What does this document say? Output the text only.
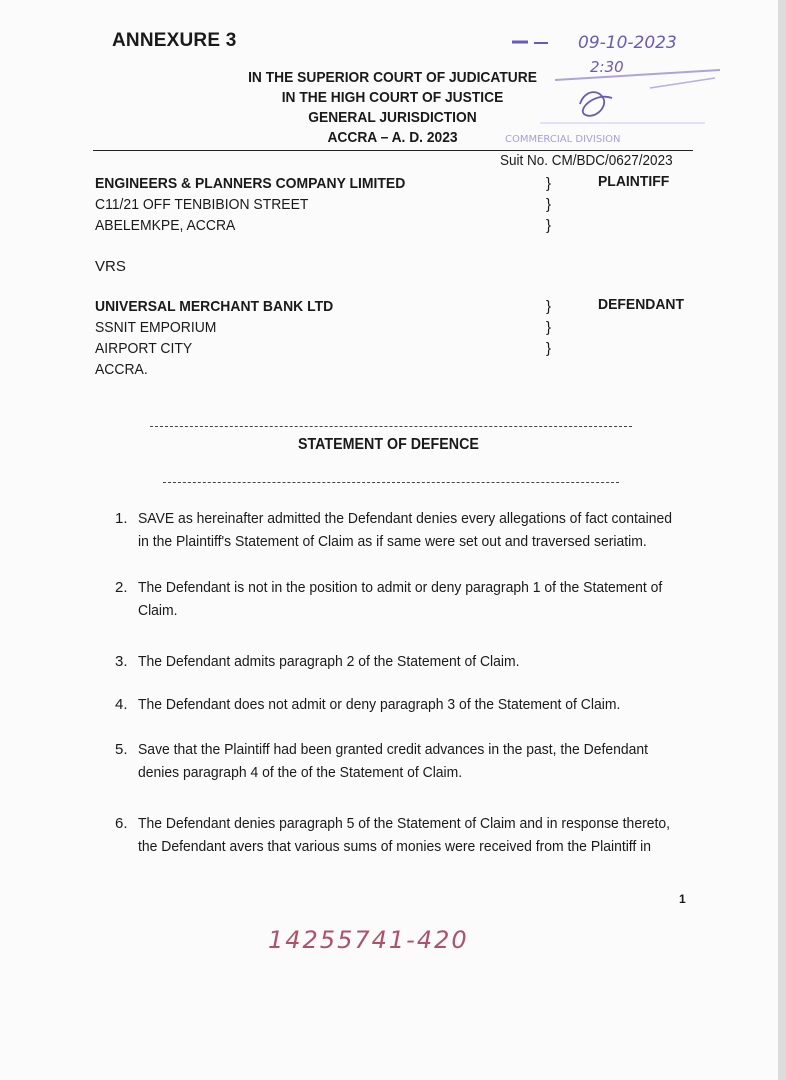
ANNEXURE 3
IN THE SUPERIOR COURT OF JUDICATURE
IN THE HIGH COURT OF JUSTICE
GENERAL JURISDICTION
ACCRA – A. D. 2023
09-10-2023
2:30
COMMERCIAL DIVISION
Suit No. CM/BDC/0627/2023
ENGINEERS & PLANNERS COMPANY LIMITED
C11/21 OFF TENBIBION STREET
ABELEMKPE, ACCRA
}
}
}
PLAINTIFF
VRS
UNIVERSAL MERCHANT BANK LTD
SSNIT EMPORIUM
AIRPORT CITY
ACCRA.
}
}
}
DEFENDANT
STATEMENT OF DEFENCE
1. SAVE as hereinafter admitted the Defendant denies every allegations of fact contained
in the Plaintiff's Statement of Claim as if same were set out and traversed seriatim.
2. The Defendant is not in the position to admit or deny paragraph 1 of the Statement of
Claim.
3. The Defendant admits paragraph 2 of the Statement of Claim.
4. The Defendant does not admit or deny paragraph 3 of the Statement of Claim.
5. Save that the Plaintiff had been granted credit advances in the past, the Defendant
denies paragraph 4 of the of the Statement of Claim.
6. The Defendant denies paragraph 5 of the Statement of Claim and in response thereto,
the Defendant avers that various sums of monies were received from the Plaintiff in
1
14255741-420
